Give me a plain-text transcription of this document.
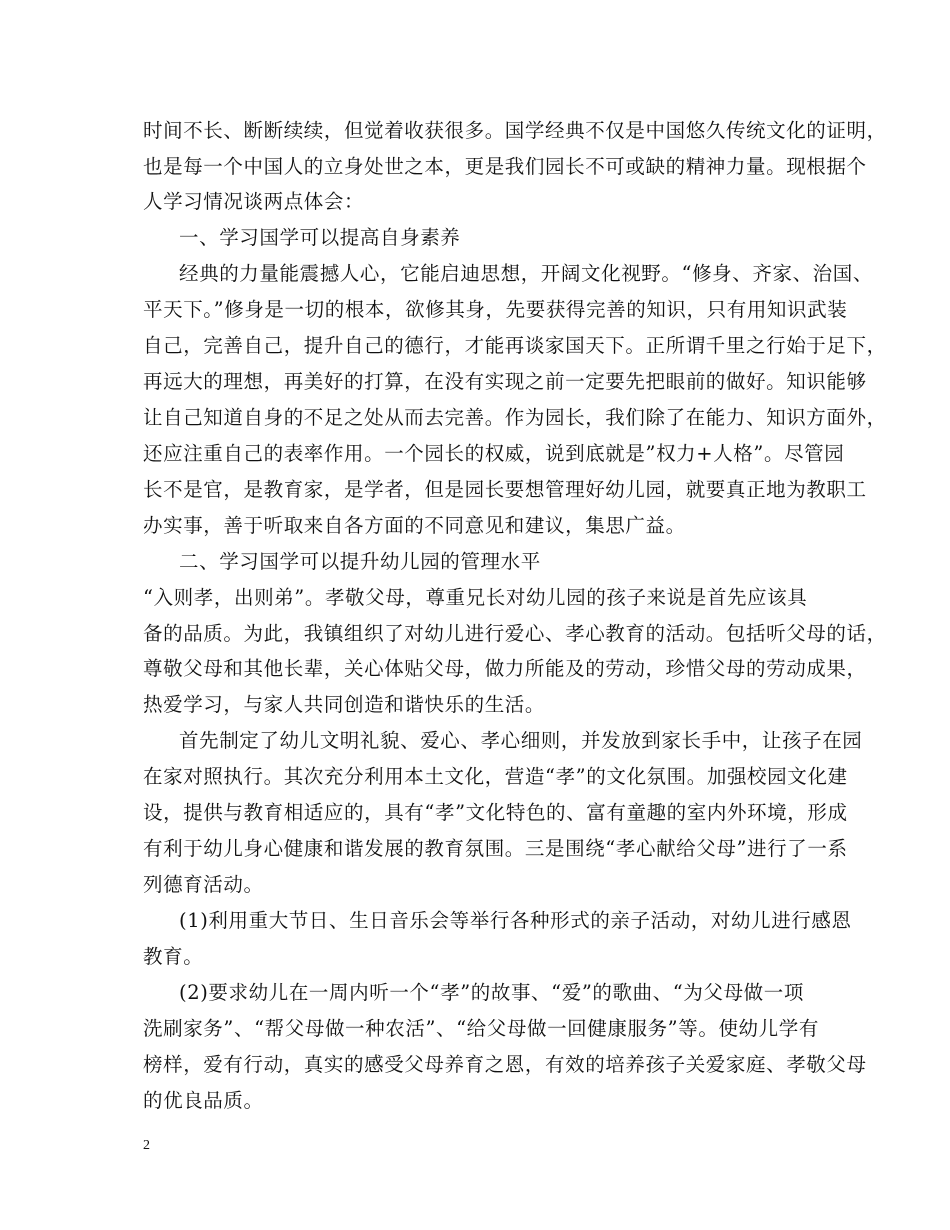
时间不长、断断续续，但觉着收获很多。国学经典不仅是中国悠久传统文化的证明，
也是每一个中国人的立身处世之本，更是我们园长不可或缺的精神力量。现根据个
人学习情况谈两点体会：
一、学习国学可以提高自身素养
经典的力量能震撼人心，它能启迪思想，开阔文化视野。“修身、齐家、治国、
平天下。”修身是一切的根本，欲修其身，先要获得完善的知识，只有用知识武装
自己，完善自己，提升自己的德行，才能再谈家国天下。正所谓千里之行始于足下，
再远大的理想，再美好的打算，在没有实现之前一定要先把眼前的做好。知识能够
让自己知道自身的不足之处从而去完善。作为园长，我们除了在能力、知识方面外，
还应注重自己的表率作用。一个园长的权威，说到底就是”权力+人格”。尽管园
长不是官，是教育家，是学者，但是园长要想管理好幼儿园，就要真正地为教职工
办实事，善于听取来自各方面的不同意见和建议，集思广益。
二、学习国学可以提升幼儿园的管理水平
“入则孝，出则弟”。孝敬父母，尊重兄长对幼儿园的孩子来说是首先应该具
备的品质。为此，我镇组织了对幼儿进行爱心、孝心教育的活动。包括听父母的话，
尊敬父母和其他长辈，关心体贴父母，做力所能及的劳动，珍惜父母的劳动成果，
热爱学习，与家人共同创造和谐快乐的生活。
首先制定了幼儿文明礼貌、爱心、孝心细则，并发放到家长手中，让孩子在园
在家对照执行。其次充分利用本土文化，营造“孝”的文化氛围。加强校园文化建
设，提供与教育相适应的，具有“孝”文化特色的、富有童趣的室内外环境，形成
有利于幼儿身心健康和谐发展的教育氛围。三是围绕“孝心献给父母”进行了一系
列德育活动。
(1)利用重大节日、生日音乐会等举行各种形式的亲子活动，对幼儿进行感恩
教育。
(2)要求幼儿在一周内听一个“孝”的故事、“爱”的歌曲、“为父母做一项
洗刷家务”、“帮父母做一种农活”、“给父母做一回健康服务”等。使幼儿学有
榜样，爱有行动，真实的感受父母养育之恩，有效的培养孩子关爱家庭、孝敬父母
的优良品质。
2
